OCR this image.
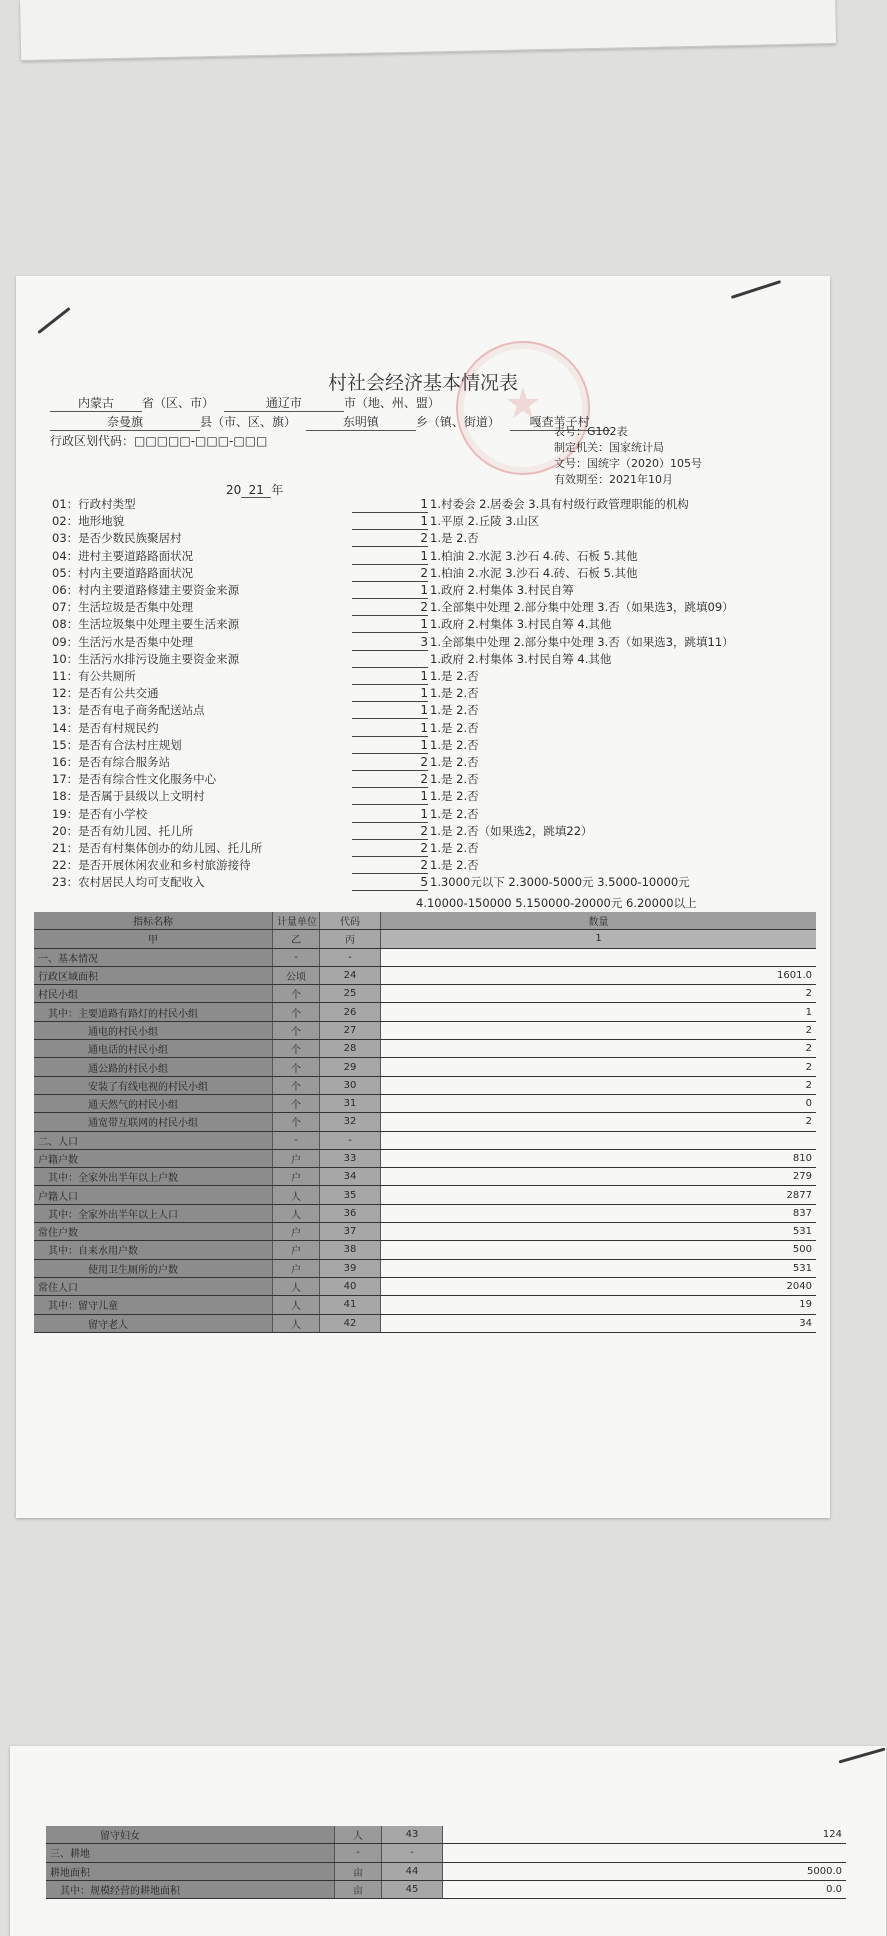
村社会经济基本情况表
内蒙古 省（区、市）	通辽市	市（地、州、盟）
奈曼旗	县（市、区、旗）	东明镇	乡（镇、街道） 嘎查苇子村
行政区划代码：□□□□□-□□□-□□□
表号：G102表
制定机关：国家统计局
文号：国统字（2020）105号
有效期至：2021年10月
20 21 年
01：行政村类型	1 1.村委会 2.居委会 3.具有村级行政管理职能的机构
02：地形地貌	1 1.平原 2.丘陵 3.山区
03：是否少数民族聚居村	2 1.是 2.否
04：进村主要道路路面状况	1 1.柏油 2.水泥 3.沙石 4.砖、石板 5.其他
05：村内主要道路路面状况	2 1.柏油 2.水泥 3.沙石 4.砖、石板 5.其他
06：村内主要道路修建主要资金来源	1 1.政府 2.村集体 3.村民自筹
07：生活垃圾是否集中处理	2 1.全部集中处理 2.部分集中处理 3.否（如果选3，跳填09）
08：生活垃圾集中处理主要生活来源	1 1.政府 2.村集体 3.村民自筹 4.其他
09：生活污水是否集中处理	3 1.全部集中处理 2.部分集中处理 3.否（如果选3，跳填11）
10：生活污水排污设施主要资金来源	1.政府 2.村集体 3.村民自筹 4.其他
11：有公共厕所	1 1.是 2.否
12：是否有公共交通	1 1.是 2.否
13：是否有电子商务配送站点	1 1.是 2.否
14：是否有村规民约	1 1.是 2.否
15：是否有合法村庄规划	1 1.是 2.否
16：是否有综合服务站	2 1.是 2.否
17：是否有综合性文化服务中心	2 1.是 2.否
18：是否属于县级以上文明村	1 1.是 2.否
19：是否有小学校	1 1.是 2.否
20：是否有幼儿园、托儿所	2 1.是 2.否（如果选2，跳填22）
21：是否有村集体创办的幼儿园、托儿所	2 1.是 2.否
22：是否开展休闲农业和乡村旅游接待	2 1.是 2.否
23：农村居民人均可支配收入	5 1.3000元以下 2.3000-5000元 3.5000-10000元
4.10000-150000 5.150000-20000元 6.20000以上
指标名称	计量单位	代码	数量
甲	乙	丙	1
一、基本情况	-	-	
行政区域面积	公顷	24	1601.0
村民小组	个	25	2
其中：主要道路有路灯的村民小组	个	26	1
通电的村民小组	个	27	2
通电话的村民小组	个	28	2
通公路的村民小组	个	29	2
安装了有线电视的村民小组	个	30	2
通天然气的村民小组	个	31	0
通宽带互联网的村民小组	个	32	2
二、人口	-	-	
户籍户数	户	33	810
其中：全家外出半年以上户数	户	34	279
户籍人口	人	35	2877
其中：全家外出半年以上人口	人	36	837
常住户数	户	37	531
其中：自来水用户数	户	38	500
使用卫生厕所的户数	户	39	531
常住人口	人	40	2040
其中：留守儿童	人	41	19
留守老人	人	42	34
留守妇女	人	43	124
三、耕地	-	-	
耕地面积	亩	44	5000.0
其中：规模经营的耕地面积	亩	45	0.0
